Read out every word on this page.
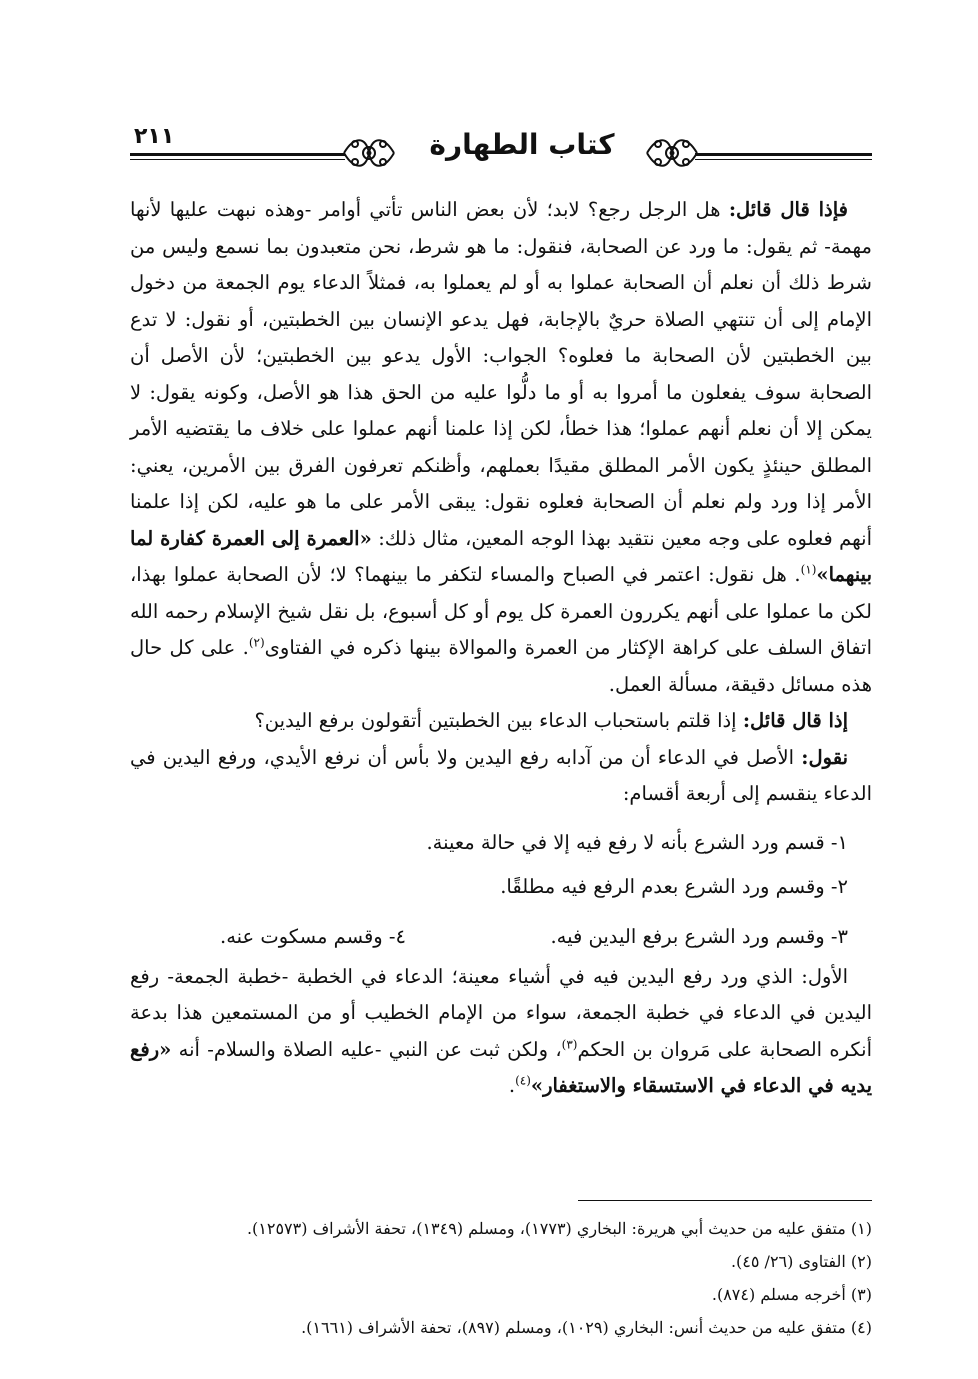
٢١١	كتاب الطهارة

فإذا قال قائل: هل الرجل رجع؟ لابد؛ لأن بعض الناس تأتي أوامر -وهذه نبهت عليها لأنها مهمة- ثم يقول: ما ورد عن الصحابة، فنقول: ما هو شرط، نحن متعبدون بما نسمع وليس من شرط ذلك أن نعلم أن الصحابة عملوا به أو لم يعملوا به، فمثلاً الدعاء يوم الجمعة من دخول الإمام إلى أن تنتهي الصلاة حريٌ بالإجابة، فهل يدعو الإنسان بين الخطبتين، أو نقول: لا تدع بين الخطبتين لأن الصحابة ما فعلوه؟ الجواب: الأول يدعو بين الخطبتين؛ لأن الأصل أن الصحابة سوف يفعلون ما أمروا به أو ما دلُّوا عليه من الحق هذا هو الأصل، وكونه يقول: لا يمكن إلا أن نعلم أنهم عملوا؛ هذا خطأ، لكن إذا علمنا أنهم عملوا على خلاف ما يقتضيه الأمر المطلق حينئذٍ يكون الأمر المطلق مقيدًا بعملهم، وأظنكم تعرفون الفرق بين الأمرين، يعني: الأمر إذا ورد ولم نعلم أن الصحابة فعلوه نقول: يبقى الأمر على ما هو عليه، لكن إذا علمنا أنهم فعلوه على وجه معين نتقيد بهذا الوجه المعين، مثال ذلك: «العمرة إلى العمرة كفارة لما بينهما»$^{(١)}$. هل نقول: اعتمر في الصباح والمساء لتكفر ما بينهما؟ لا؛ لأن الصحابة عملوا بهذا، لكن ما عملوا على أنهم يكررون العمرة كل يوم أو كل أسبوع، بل نقل شيخ الإسلام رحمه الله اتفاق السلف على كراهة الإكثار من العمرة والموالاة بينها ذكره في الفتاوى$^{(٢)}$. على كل حال هذه مسائل دقيقة، مسألة العمل.

إذا قال قائل: إذا قلتم باستحباب الدعاء بين الخطبتين أتقولون برفع اليدين؟

نقول: الأصل في الدعاء أن من آدابه رفع اليدين ولا بأس أن نرفع الأيدي، ورفع اليدين في الدعاء ينقسم إلى أربعة أقسام:

١- قسم ورد الشرع بأنه لا رفع فيه إلا في حالة معينة.
٢- وقسم ورد الشرع بعدم الرفع فيه مطلقًا.
٣- وقسم ورد الشرع برفع اليدين فيه.
٤- وقسم مسكوت عنه.

الأول: الذي ورد رفع اليدين فيه في أشياء معينة؛ الدعاء في الخطبة -خطبة الجمعة- رفع اليدين في الدعاء في خطبة الجمعة، سواء من الإمام الخطيب أو من المستمعين هذا بدعة أنكره الصحابة على مَروان بن الحكم$^{(٣)}$، ولكن ثبت عن النبي -عليه الصلاة والسلام- أنه «رفع يديه في الدعاء في الاستسقاء والاستغفار»$^{(٤)}$.

(١) متفق عليه من حديث أبي هريرة: البخاري (١٧٧٣)، ومسلم (١٣٤٩)، تحفة الأشراف (١٢٥٧٣).

(٢) الفتاوى (٢٦/ ٤٥).

(٣) أخرجه مسلم (٨٧٤).

(٤) متفق عليه من حديث أنس: البخاري (١٠٢٩)، ومسلم (٨٩٧)، تحفة الأشراف (١٦٦١).
